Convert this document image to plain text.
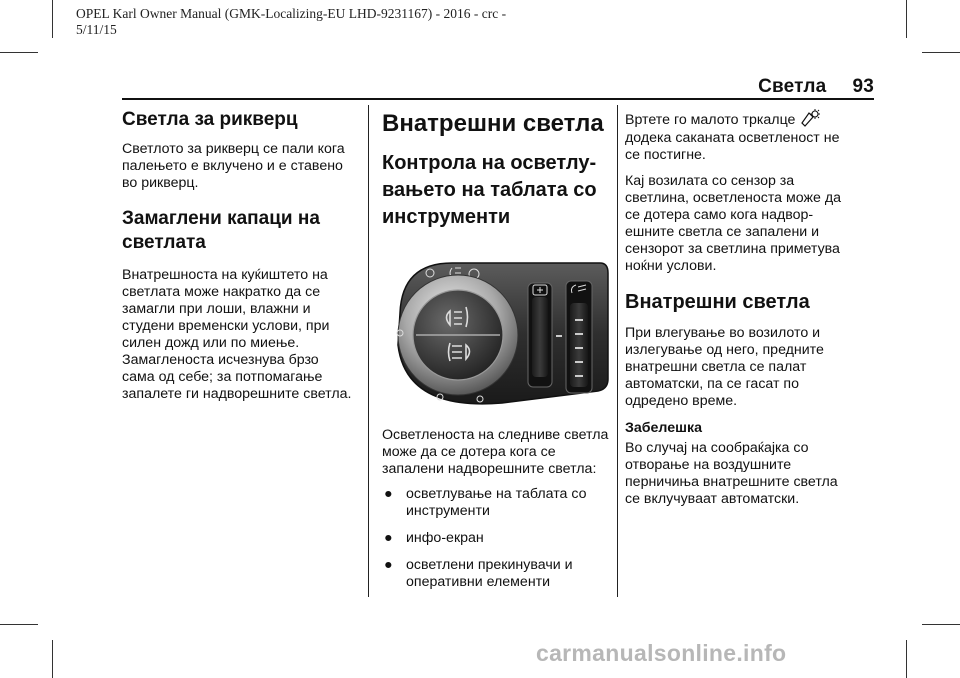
OPEL Karl Owner Manual (GMK-Localizing-EU LHD-9231167) - 2016 - crc -
5/11/15
Светла 93
Светла за рикверц

Светлото за рикверц се пали кога

палењето е вклучено и е ставено

во рикверц.

Замаглени капаци на
светлата

Внатрешноста на куќиштето на

светлата може накратко да се

замагли при лоши, влажни и

студени временски услови, при

силен дожд или по миење.

Замагленоста исчезнува брзо

сама од себе; за потпомагање

запалете ги надворешните светла.

Внатрешни светла
Контрола на осветлу-
вањето на таблата со
инструменти

Осветленоста на следниве светла

може да се дотера кога се

запалени надворешните светла:

● осветлување на таблата со
инструменти
● инфо-екран
● осветлени прекинувачи и
оперативни елементи

Вртете го малото тркалце

додека саканата осветленост не

се постигне.

Кај возилата со сензор за

светлина, осветленоста може да

се дотера само кога надвор-

ешните светла се запалени и

сензорот за светлина приметува

ноќни услови.

Внатрешни светла

При влегување во возилото и

излегување од него, предните

внатрешни светла се палат

автоматски, па се гасат по

одредено време.

Забелешка

Во случај на сообраќајка со

отворање на воздушните

перничиња внатрешните светла

се вклучуваат автоматски.

carmanualsonline.info
